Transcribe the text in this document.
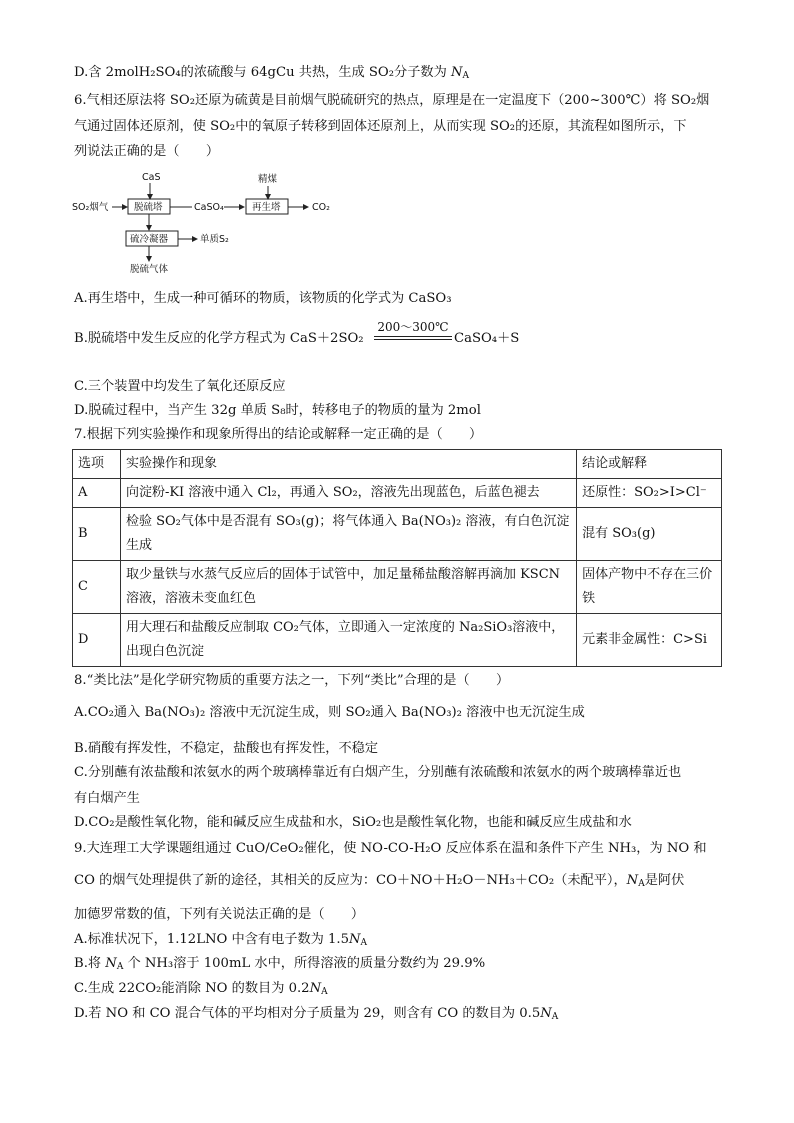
D.含 2molH₂SO₄的浓硫酸与 64gCu 共热，生成 SO₂分子数为 $N_A$
6.气相还原法将 SO₂还原为硫黄是目前烟气脱硫研究的热点，原理是在一定温度下（200~300℃）将 SO₂烟
气通过固体还原剂，使 SO₂中的氧原子转移到固体还原剂上，从而实现 SO₂的还原，其流程如图所示，下
列说法正确的是（　　）
CaS
SO₂烟气	脱硫塔	CaSO₄
精煤
再生塔	CO₂
硫冷凝器	单质S₂
脱硫气体
A.再生塔中，生成一种可循环的物质，该物质的化学式为 CaSO₃
B.脱硫塔中发生反应的化学方程式为 CaS＋2SO₂
200～300℃
CaSO₄＋S
C.三个装置中均发生了氧化还原反应
D.脱硫过程中，当产生 32g 单质 S₈时，转移电子的物质的量为 2mol
7.根据下列实验操作和现象所得出的结论或解释一定正确的是（　　）
选项	实验操作和现象	结论或解释
A	向淀粉-KI 溶液中通入 Cl₂，再通入 SO₂，溶液先出现蓝色，后蓝色褪去	还原性：SO₂>I>Cl⁻
B	检验 SO₂气体中是否混有 SO₃(g)；将气体通入 Ba(NO₃)₂ 溶液，有白色沉淀生成	混有 SO₃(g)
C	取少量铁与水蒸气反应后的固体于试管中，加足量稀盐酸溶解再滴加 KSCN 溶液，溶液未变血红色	固体产物中不存在三价铁
D	用大理石和盐酸反应制取 CO₂气体，立即通入一定浓度的 Na₂SiO₃溶液中，出现白色沉淀	元素非金属性：C>Si
8.“类比法”是化学研究物质的重要方法之一，下列“类比”合理的是（　　）
A.CO₂通入 Ba(NO₃)₂ 溶液中无沉淀生成，则 SO₂通入 Ba(NO₃)₂ 溶液中也无沉淀生成
B.硝酸有挥发性，不稳定，盐酸也有挥发性，不稳定
C.分别蘸有浓盐酸和浓氨水的两个玻璃棒靠近有白烟产生，分别蘸有浓硫酸和浓氨水的两个玻璃棒靠近也
有白烟产生
D.CO₂是酸性氧化物，能和碱反应生成盐和水，SiO₂也是酸性氧化物，也能和碱反应生成盐和水
9.大连理工大学课题组通过 CuO/CeO₂催化，使 NO-CO-H₂O 反应体系在温和条件下产生 NH₃，为 NO 和
CO 的烟气处理提供了新的途径，其相关的反应为：CO＋NO＋H₂O－NH₃＋CO₂（未配平），$N_A$是阿伏
加德罗常数的值，下列有关说法正确的是（　　）
A.标准状况下，1.12LNO 中含有电子数为 $1.5N_A$
B.将 $N_A$ 个 NH₃溶于 100mL 水中，所得溶液的质量分数约为 29.9%
C.生成 22CO₂能消除 NO 的数目为 $0.2N_A$
D.若 NO 和 CO 混合气体的平均相对分子质量为 29，则含有 CO 的数目为 $0.5N_A$
